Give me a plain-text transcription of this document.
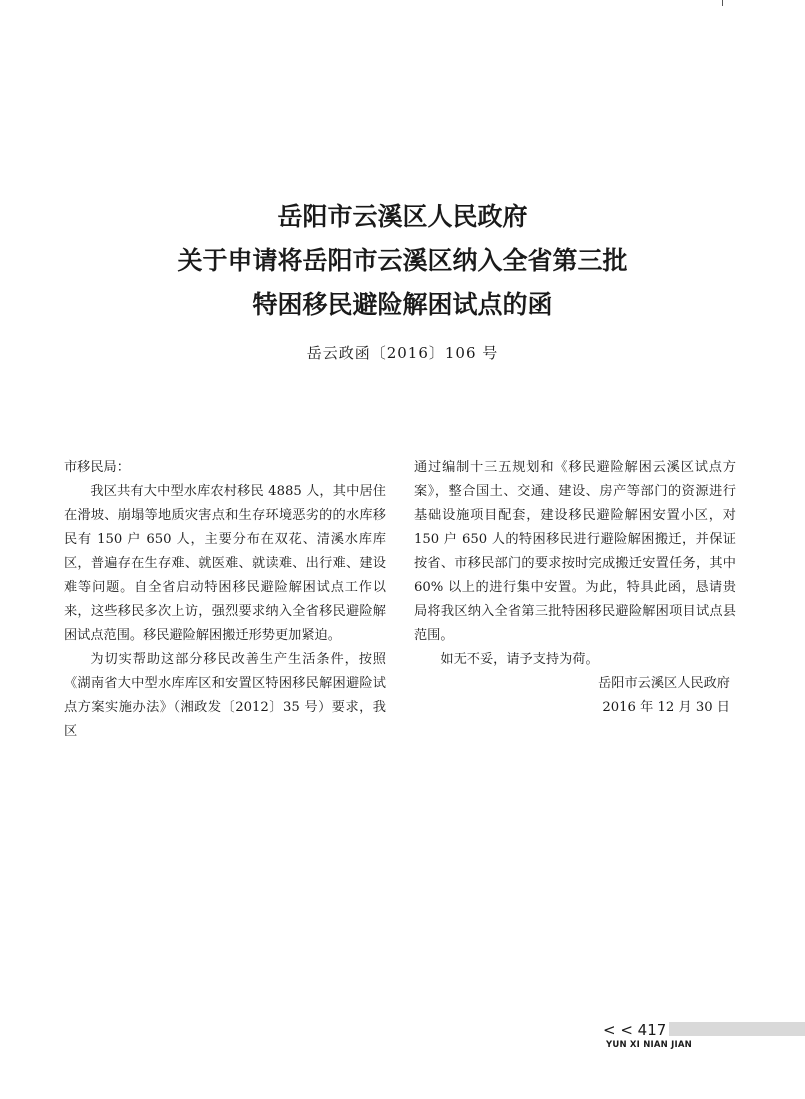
岳阳市云溪区人民政府
关于申请将岳阳市云溪区纳入全省第三批
特困移民避险解困试点的函
岳云政函〔2016〕106 号

市移民局：

我区共有大中型水库农村移民 4885 人，其中居住在滑坡、崩塌等地质灾害点和生存环境恶劣的的水库移民有 150 户 650 人，主要分布在双花、清溪水库库区，普遍存在生存难、就医难、就读难、出行难、建设难等问题。自全省启动特困移民避险解困试点工作以来，这些移民多次上访，强烈要求纳入全省移民避险解困试点范围。移民避险解困搬迁形势更加紧迫。

为切实帮助这部分移民改善生产生活条件，按照《湖南省大中型水库库区和安置区特困移民解困避险试点方案实施办法》（湘政发〔2012〕35 号）要求，我区

通过编制十三五规划和《移民避险解困云溪区试点方案》，整合国土、交通、建设、房产等部门的资源进行基础设施项目配套，建设移民避险解困安置小区，对 150 户 650 人的特困移民进行避险解困搬迁，并保证按省、市移民部门的要求按时完成搬迁安置任务，其中 60% 以上的进行集中安置。为此，特具此函，恳请贵局将我区纳入全省第三批特困移民避险解困项目试点县范围。

如无不妥，请予支持为荷。

岳阳市云溪区人民政府

2016 年 12 月 30 日

< < 417
YUN XI NIAN JIAN
